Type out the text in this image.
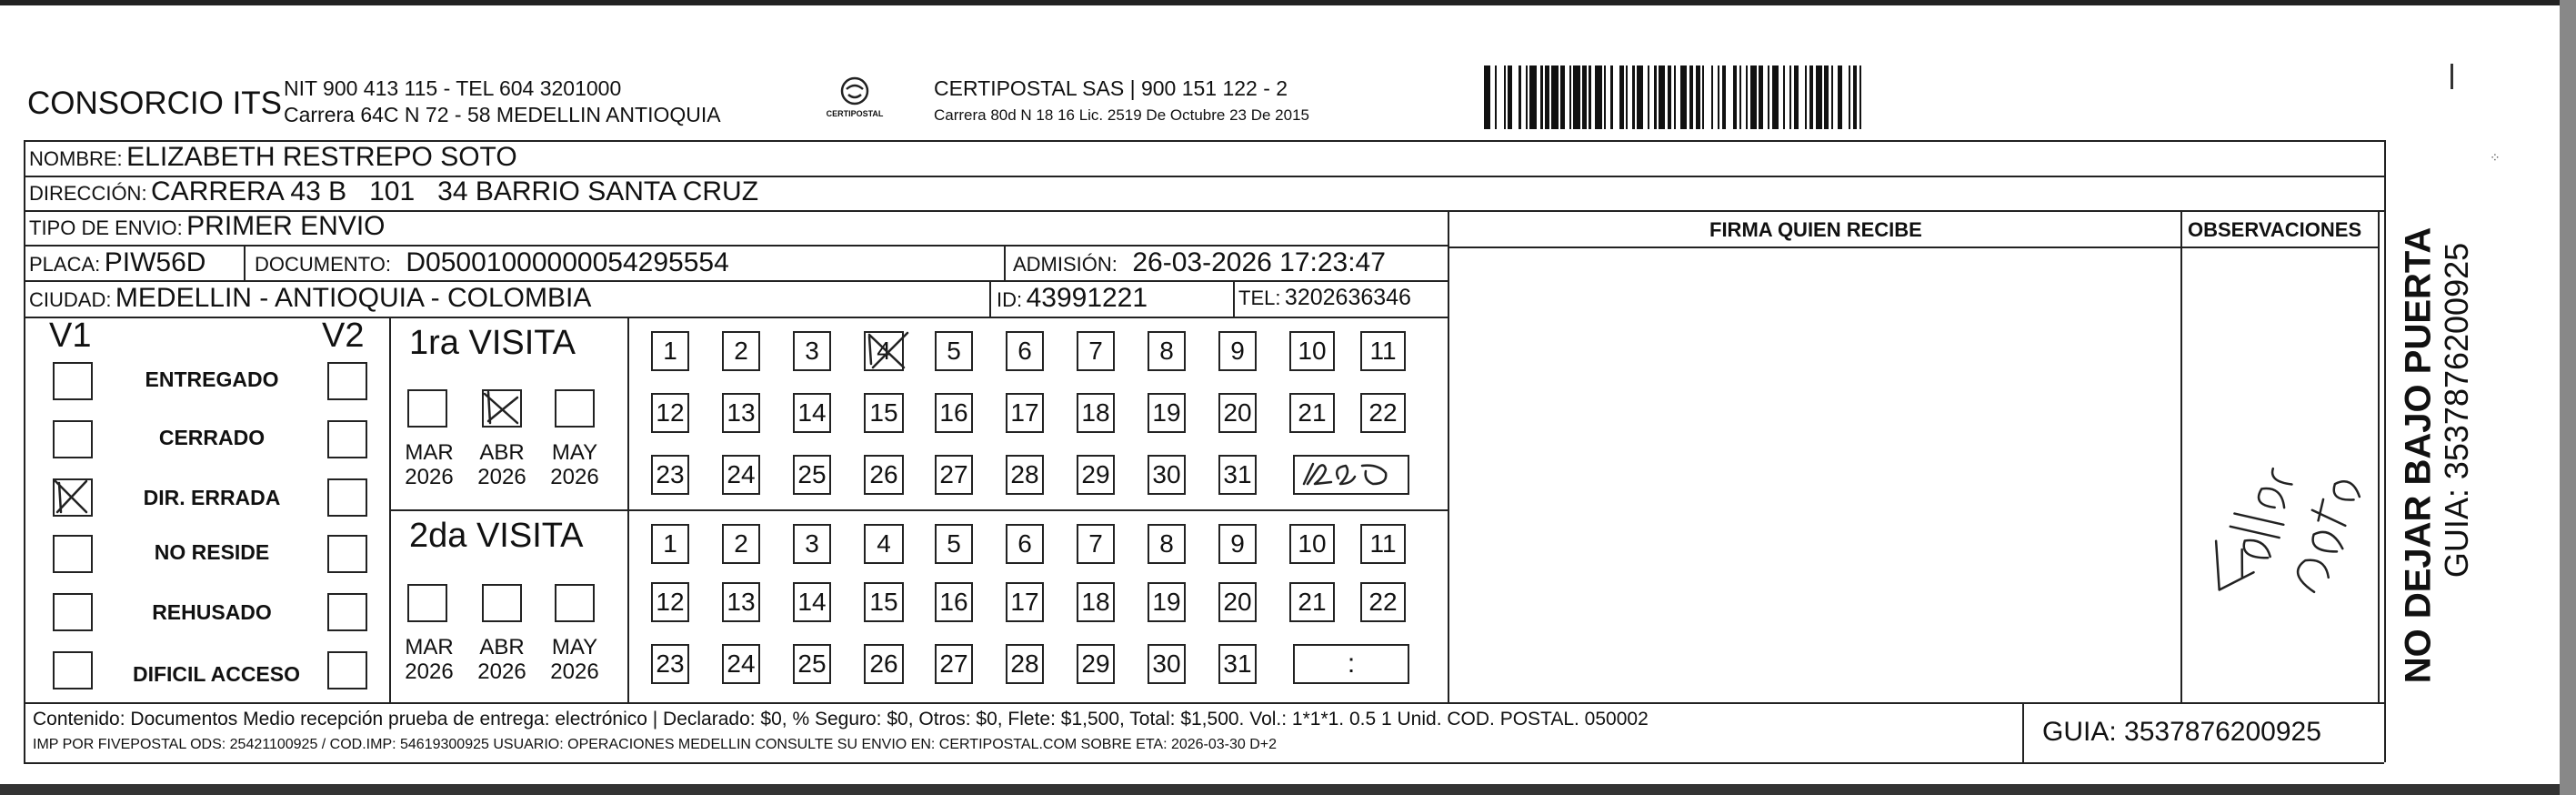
CONSORCIO ITS NIT 900 413 115 - TEL 604 3201000
Carrera 64C N 72 - 58 MEDELLIN ANTIOQUIA	CERTIPOSTAL
CERTIPOSTAL SAS | 900 151 122 - 2
Carrera 80d N 18 16 Lic. 2519 De Octubre 23 De 2015
NOMBRE: ELIZABETH RESTREPO SOTO
DIRECCIÓN: CARRERA 43 B   101   34 BARRIO SANTA CRUZ
TIPO DE ENVIO: PRIMER ENVIO	FIRMA QUIEN RECIBE	OBSERVACIONES
PLACA: PIW56D DOCUMENTO: D05001000000054295554	ADMISIÓN: 26-03-2026 17:23:47
CIUDAD: MEDELLIN - ANTIOQUIA - COLOMBIA	ID: 43991221	TEL: 3202636346
V1	V2
ENTREGADO
CERRADO
DIR. ERRADA
NO RESIDE
REHUSADO
DIFICIL ACCESO
1ra VISITA
MAR
2026
ABR
2026
MAY
2026
1 2 3 4 5 6 7 8 9 10 11
12 13 14 15 16 17 18 19 20 21 22
23 24 25 26 27 28 29 30 31
2da VISITA
MAR
2026
ABR
2026
MAY
2026
1 2 3 4 5 6 7 8 9 10 11
12 13 14 15 16 17 18 19 20 21 22
23 24 25 26 27 28 29 30 31	:
Contenido: Documentos Medio recepción prueba de entrega: electrónico | Declarado: $0, % Seguro: $0, Otros: $0, Flete: $1,500, Total: $1,500. Vol.: 1*1*1. 0.5 1 Unid. COD. POSTAL. 050002
IMP POR FIVEPOSTAL ODS: 25421100925 / COD.IMP: 54619300925 USUARIO: OPERACIONES MEDELLIN CONSULTE SU ENVIO EN: CERTIPOSTAL.COM SOBRE ETA: 2026-03-30 D+2	GUIA: 3537876200925
NO DEJAR BAJO PUERTA GUIA: 3537876200925
⁘
